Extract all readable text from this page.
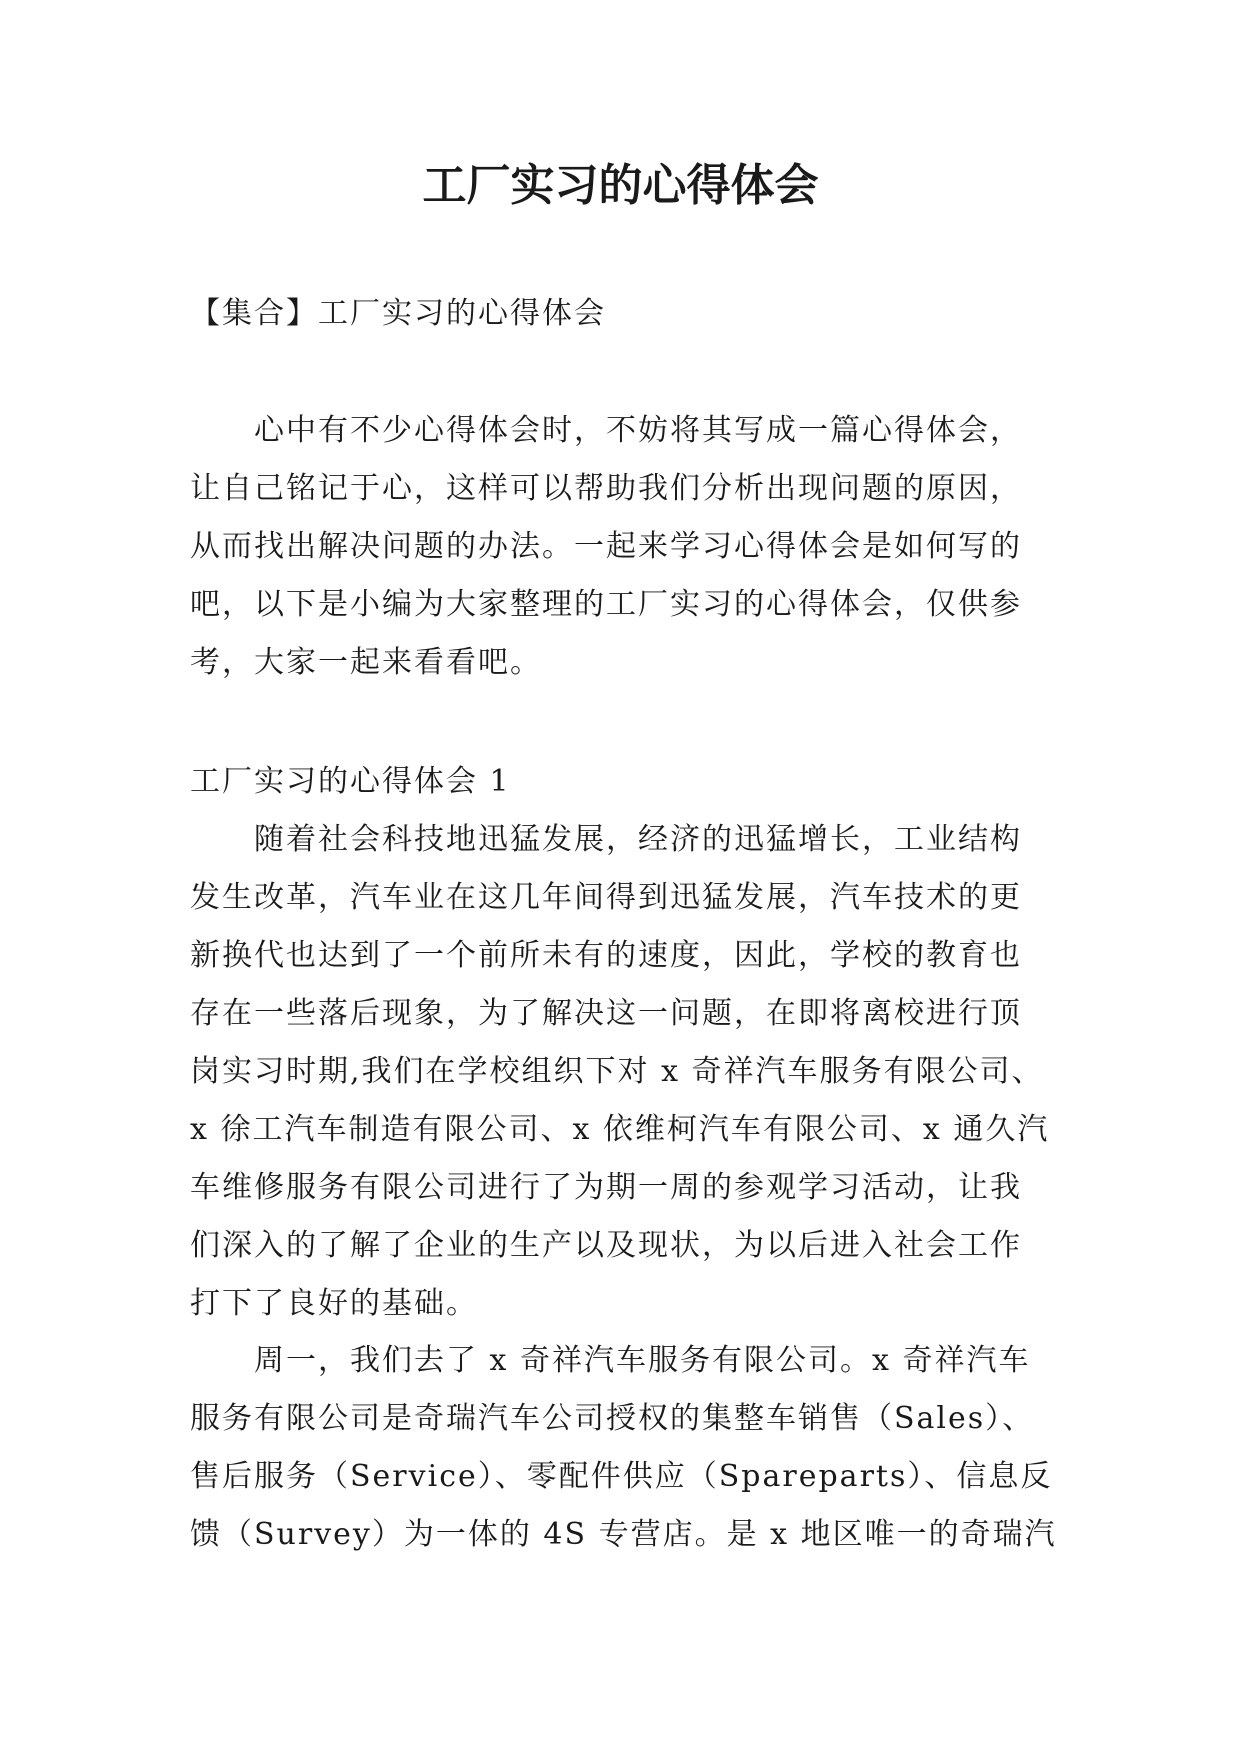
工厂实习的心得体会

【集合】工厂实习的心得体会

　　心中有不少心得体会时，不妨将其写成一篇心得体会，
让自己铭记于心，这样可以帮助我们分析出现问题的原因，
从而找出解决问题的办法。一起来学习心得体会是如何写的
吧，以下是小编为大家整理的工厂实习的心得体会，仅供参
考，大家一起来看看吧。

工厂实习的心得体会 1

　　随着社会科技地迅猛发展，经济的迅猛增长，工业结构
发生改革，汽车业在这几年间得到迅猛发展，汽车技术的更
新换代也达到了一个前所未有的速度，因此，学校的教育也
存在一些落后现象，为了解决这一问题，在即将离校进行顶
岗实习时期,我们在学校组织下对 x 奇祥汽车服务有限公司、
x 徐工汽车制造有限公司、x 依维柯汽车有限公司、x 通久汽
车维修服务有限公司进行了为期一周的参观学习活动，让我
们深入的了解了企业的生产以及现状，为以后进入社会工作
打下了良好的基础。
　　周一，我们去了 x 奇祥汽车服务有限公司。x 奇祥汽车
服务有限公司是奇瑞汽车公司授权的集整车销售（Sales）、
售后服务（Service）、零配件供应（Spareparts）、信息反
馈（Survey）为一体的 4S 专营店。是 x 地区唯一的奇瑞汽
